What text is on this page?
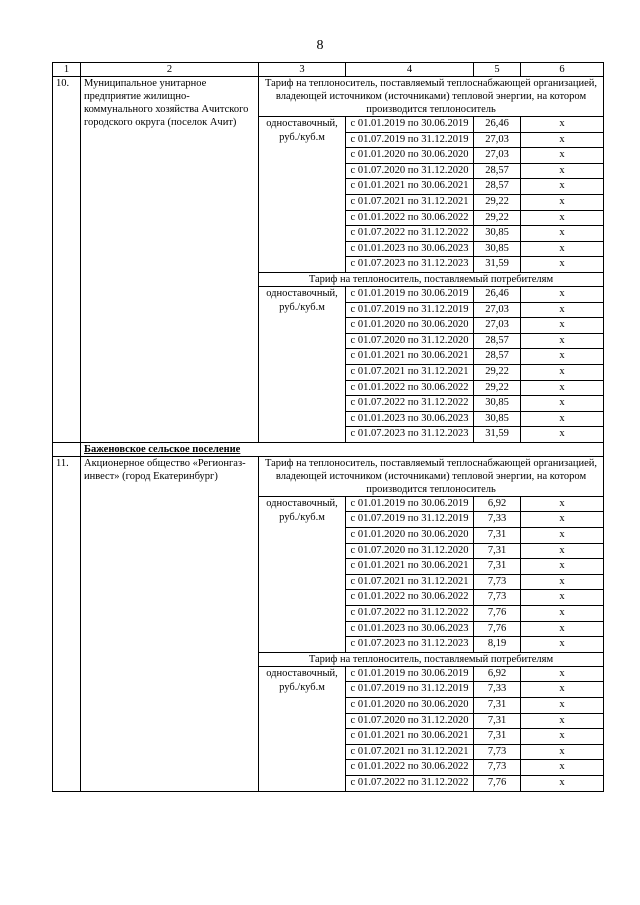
8
1	2	3	4	5	6
10.	Муниципальное унитарное предприятие жилищно-коммунального хозяйства Ачитского городского округа (поселок Ачит)	Тариф на теплоноситель, поставляемый теплоснабжающей организацией, владеющей источником (источниками) тепловой энергии, на котором производится теплоноситель			
		одноставочный, руб./куб.м	с 01.01.2019 по 30.06.2019	26,46	х
			с 01.07.2019 по 31.12.2019	27,03	х
			с 01.01.2020 по 30.06.2020	27,03	х
			с 01.07.2020 по 31.12.2020	28,57	х
			с 01.01.2021 по 30.06.2021	28,57	х
			с 01.07.2021 по 31.12.2021	29,22	х
			с 01.01.2022 по 30.06.2022	29,22	х
			с 01.07.2022 по 31.12.2022	30,85	х
			с 01.01.2023 по 30.06.2023	30,85	х
			с 01.07.2023 по 31.12.2023	31,59	х
		Тариф на теплоноситель, поставляемый потребителям			
		одноставочный, руб./куб.м	с 01.01.2019 по 30.06.2019	26,46	х
			с 01.07.2019 по 31.12.2019	27,03	х
			с 01.01.2020 по 30.06.2020	27,03	х
			с 01.07.2020 по 31.12.2020	28,57	х
			с 01.01.2021 по 30.06.2021	28,57	х
			с 01.07.2021 по 31.12.2021	29,22	х
			с 01.01.2022 по 30.06.2022	29,22	х
			с 01.07.2022 по 31.12.2022	30,85	х
			с 01.01.2023 по 30.06.2023	30,85	х
			с 01.07.2023 по 31.12.2023	31,59	х
	Баженовское сельское поселение				
11.	Акционерное общество «Регионгаз-инвест» (город Екатеринбург)	Тариф на теплоноситель, поставляемый теплоснабжающей организацией, владеющей источником (источниками) тепловой энергии, на котором производится теплоноситель			
		одноставочный, руб./куб.м	с 01.01.2019 по 30.06.2019	6,92	х
			с 01.07.2019 по 31.12.2019	7,33	х
			с 01.01.2020 по 30.06.2020	7,31	х
			с 01.07.2020 по 31.12.2020	7,31	х
			с 01.01.2021 по 30.06.2021	7,31	х
			с 01.07.2021 по 31.12.2021	7,73	х
			с 01.01.2022 по 30.06.2022	7,73	х
			с 01.07.2022 по 31.12.2022	7,76	х
			с 01.01.2023 по 30.06.2023	7,76	х
			с 01.07.2023 по 31.12.2023	8,19	х
		Тариф на теплоноситель, поставляемый потребителям			
		одноставочный, руб./куб.м	с 01.01.2019 по 30.06.2019	6,92	х
			с 01.07.2019 по 31.12.2019	7,33	х
			с 01.01.2020 по 30.06.2020	7,31	х
			с 01.07.2020 по 31.12.2020	7,31	х
			с 01.01.2021 по 30.06.2021	7,31	х
			с 01.07.2021 по 31.12.2021	7,73	х
			с 01.01.2022 по 30.06.2022	7,73	х
			с 01.07.2022 по 31.12.2022	7,76	х
